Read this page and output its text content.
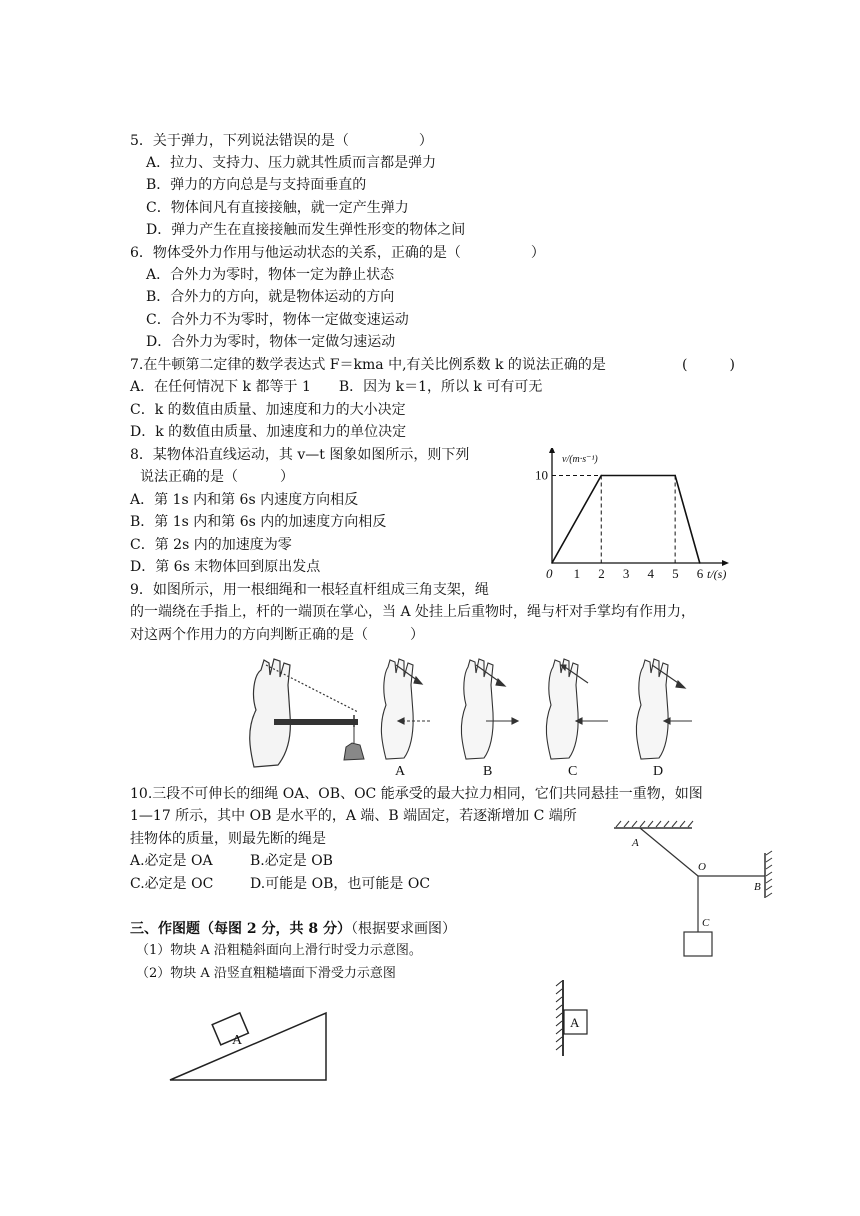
5．关于弹力，下列说法错误的是（　　　　　）
A．拉力、支持力、压力就其性质而言都是弹力
B．弹力的方向总是与支持面垂直的
C．物体间凡有直接接触，就一定产生弹力
D．弹力产生在直接接触而发生弹性形变的物体之间
6．物体受外力作用与他运动状态的关系，正确的是（　　　　　）
A．合外力为零时，物体一定为静止状态
B．合外力的方向，就是物体运动的方向
C．合外力不为零时，物体一定做变速运动
D．合外力为零时，物体一定做匀速运动
7.在牛顿第二定律的数学表达式 F＝kma 中,有关比例系数 k 的说法正确的是	(　　　)
A．在任何情况下 k 都等于 1　　B．因为 k＝1，所以 k 可有可无
C．k 的数值由质量、加速度和力的大小决定
D．k 的数值由质量、加速度和力的单位决定
8．某物体沿直线运动，其 v—t 图象如图所示，则下列
说法正确的是（　　　）
A．第 1s 内和第 6s 内速度方向相反
B．第 1s 内和第 6s 内的加速度方向相反
C．第 2s 内的加速度为零
D．第 6s 末物体回到原出发点	0 1 2 3 4 5 6
10
v/(m·s⁻¹)
t/(s)
9．如图所示，用一根细绳和一根轻直杆组成三角支架，绳
的一端绕在手指上，杆的一端顶在掌心，当 A 处挂上后重物时，绳与杆对手掌均有作用力，
对这两个作用力的方向判断正确的是（　　　）
A	B	C	D
10.三段不可伸长的细绳 OA、OB、OC 能承受的最大拉力相同，它们共同悬挂一重物，如图
1—17 所示，其中 OB 是水平的，A 端、B 端固定，若逐渐增加 C 端所
挂物体的质量，则最先断的绳是
A.必定是 OA	B.必定是 OB
C.必定是 OC	D.可能是 OB，也可能是 OC
A
O
B
C
三、作图题（每图 2 分，共 8 分）（根据要求画图）
（1）物块 A 沿粗糙斜面向上滑行时受力示意图。
（2）物块 A 沿竖直粗糙墙面下滑受力示意图
A
A
